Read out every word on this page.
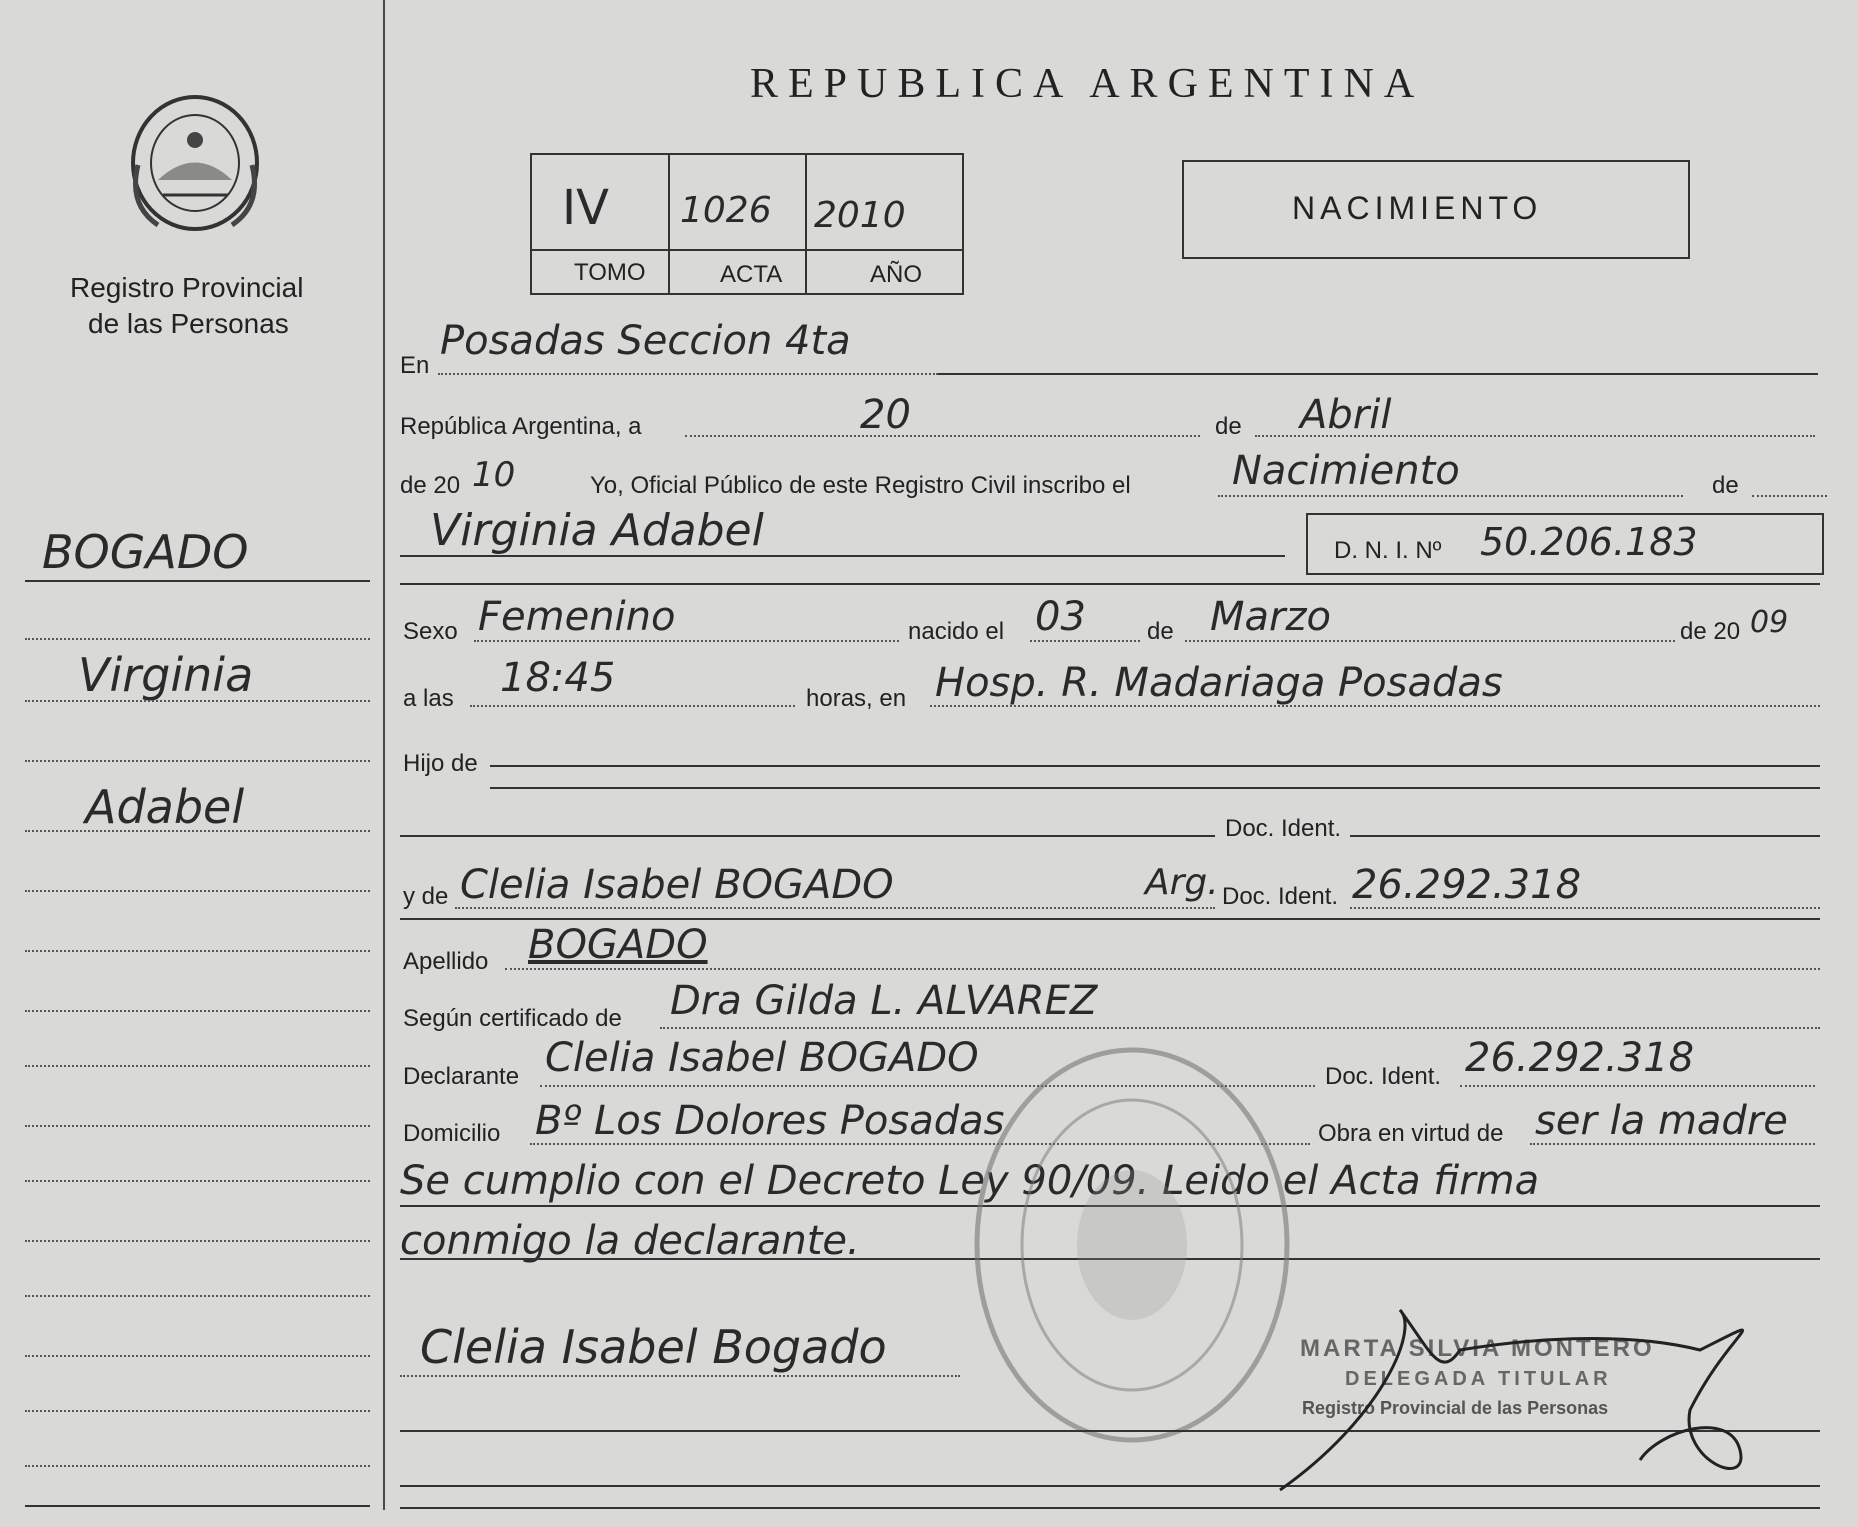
Registro Provincial
de las Personas
BOGADO
Virginia
Adabel
REPUBLICA ARGENTINA
IV 1026 2010
TOMO	ACTA	AÑO
NACIMIENTO
En
Posadas Seccion 4ta
República Argentina, a	20	de Abril
de 20 10	Yo, Oficial Público de este Registro Civil inscribo el	Nacimiento	de
Virginia Adabel	D. N. I. Nº 50.206.183
Sexo Femenino	nacido el 03	de Marzo	de 20 09
a las 18:45	horas, en Hosp. R. Madariaga Posadas
Hijo de
Doc. Ident.
y de Clelia Isabel BOGADO	Arg. Doc. Ident. 26.292.318
Apellido BOGADO
Según certificado de Dra Gilda L. ALVAREZ
Declarante Clelia Isabel BOGADO	Doc. Ident. 26.292.318
Domicilio Bº Los Dolores Posadas	Obra en virtud de ser la madre
Se cumplio con el Decreto Ley 90/09. Leido el Acta firma
conmigo la declarante.
Clelia Isabel Bogado	MARTA SILVIA MONTERO
DELEGADA TITULAR
Registro Provincial de las Personas
